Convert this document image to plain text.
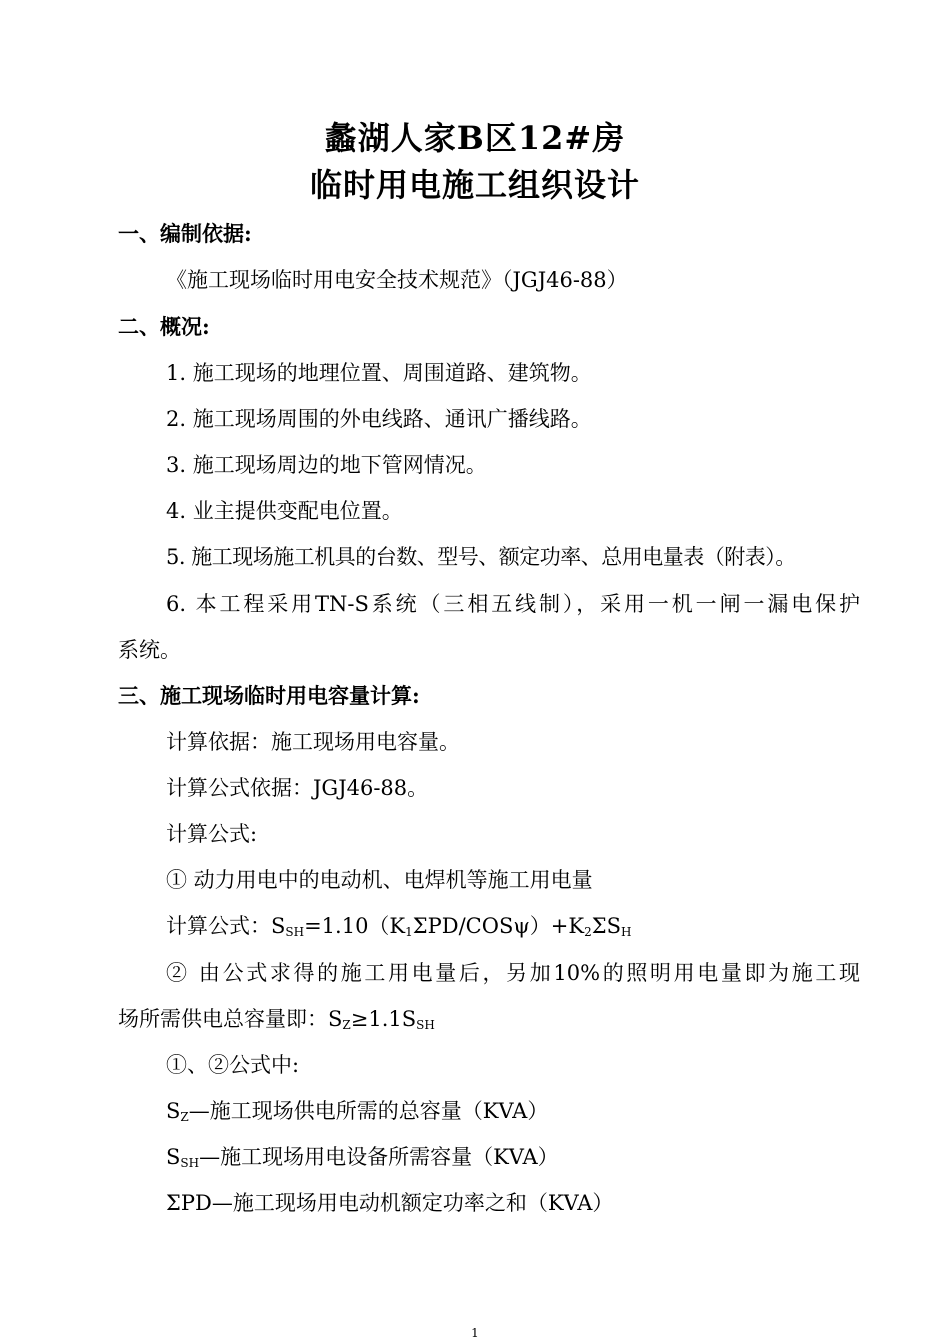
蠡湖人家B区12#房
临时用电施工组织设计
一、编制依据:
《施工现场临时用电安全技术规范》（JGJ46-88）
二、概况:
1. 施工现场的地理位置、周围道路、建筑物。
2. 施工现场周围的外电线路、通讯广播线路。
3. 施工现场周边的地下管网情况。
4. 业主提供变配电位置。
5. 施工现场施工机具的台数、型号、额定功率、总用电量表（附表）。
6. 本工程采用TN-S系统（三相五线制），采用一机一闸一漏电保护
系统。
三、施工现场临时用电容量计算:
计算依据：施工现场用电容量。
计算公式依据：JGJ46-88。
计算公式:
① 动力用电中的电动机、电焊机等施工用电量
计算公式：$S_{SH}=1.10(K_1\Sigma PD/COS\psi)+K_2\Sigma S_H$
② 由公式求得的施工用电量后，另加10%的照明用电量即为施工现
场所需供电总容量即：$S_Z\ge 1.1S_{SH}$
①、②公式中:
$S_Z—$施工现场供电所需的总容量（KVA）
$S_{SH}—$施工现场用电设备所需容量（KVA）
ΣPD—施工现场用电动机额定功率之和（KVA）
1
